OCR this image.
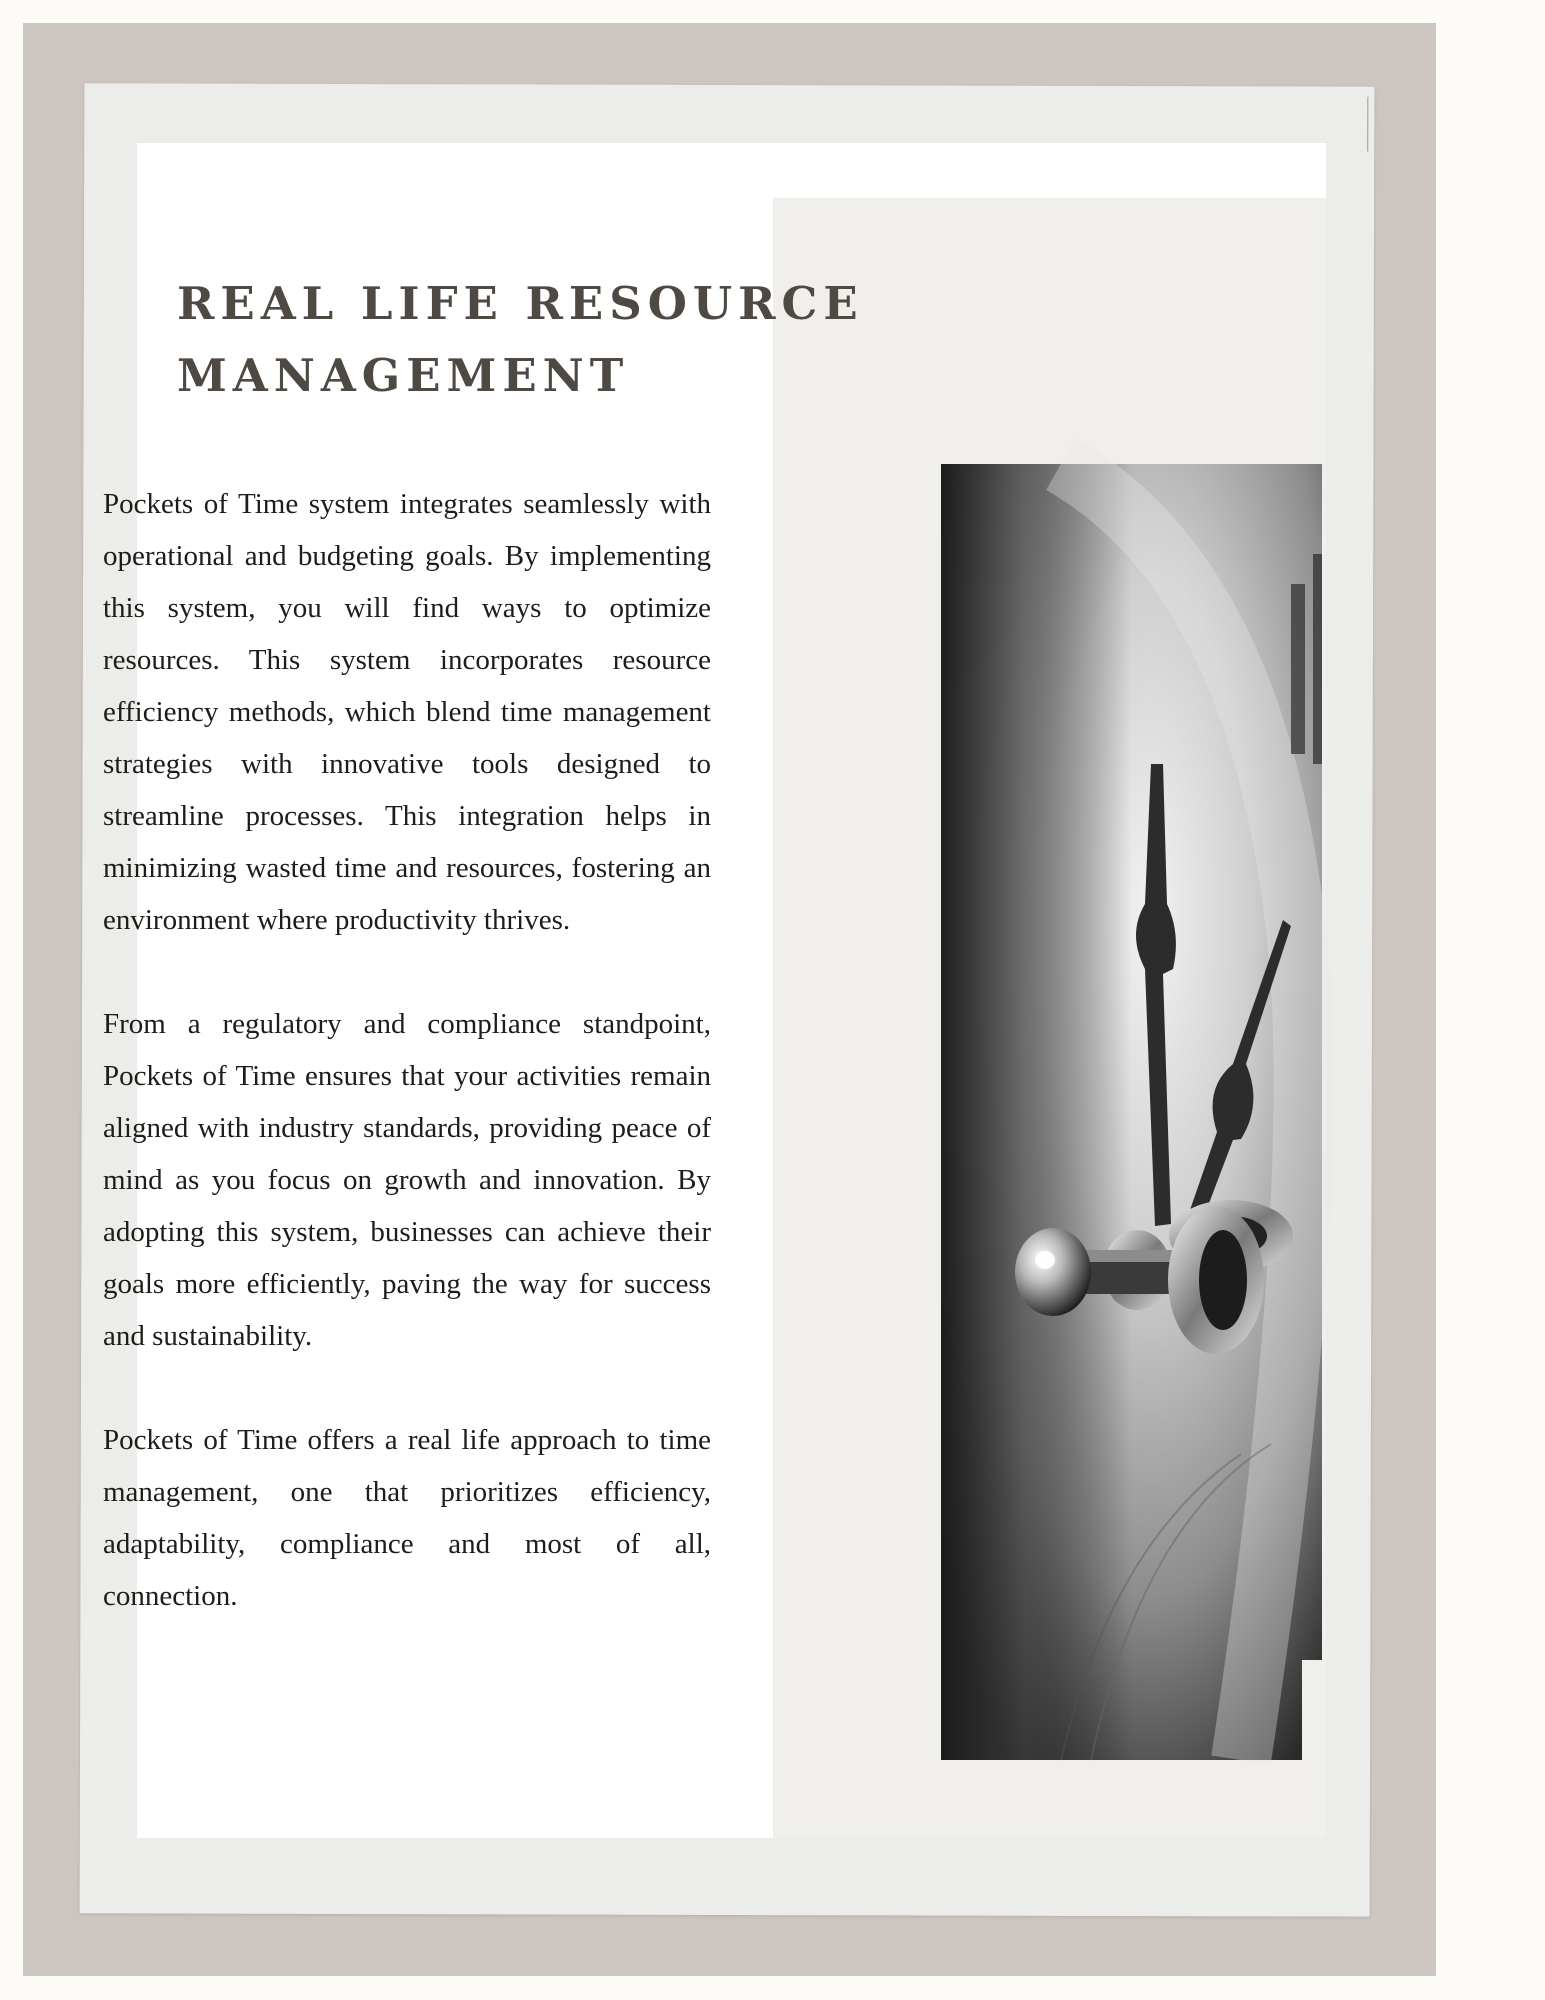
REAL LIFE RESOURCE
MANAGEMENT

Pockets of Time system integrates seamlessly with operational and budgeting goals. By implementing this system, you will find ways to optimize resources. This system incorporates resource efficiency methods, which blend time management strategies with innovative tools designed to streamline processes. This integration helps in minimizing wasted time and resources, fostering an environment where productivity thrives.

From a regulatory and compliance standpoint, Pockets of Time ensures that your activities remain aligned with industry standards, providing peace of mind as you focus on growth and innovation. By adopting this system, businesses can achieve their goals more efficiently, paving the way for success and sustainability.

Pockets of Time offers a real life approach to time management, one that prioritizes efficiency, adaptability, compliance and most of all, connection.
